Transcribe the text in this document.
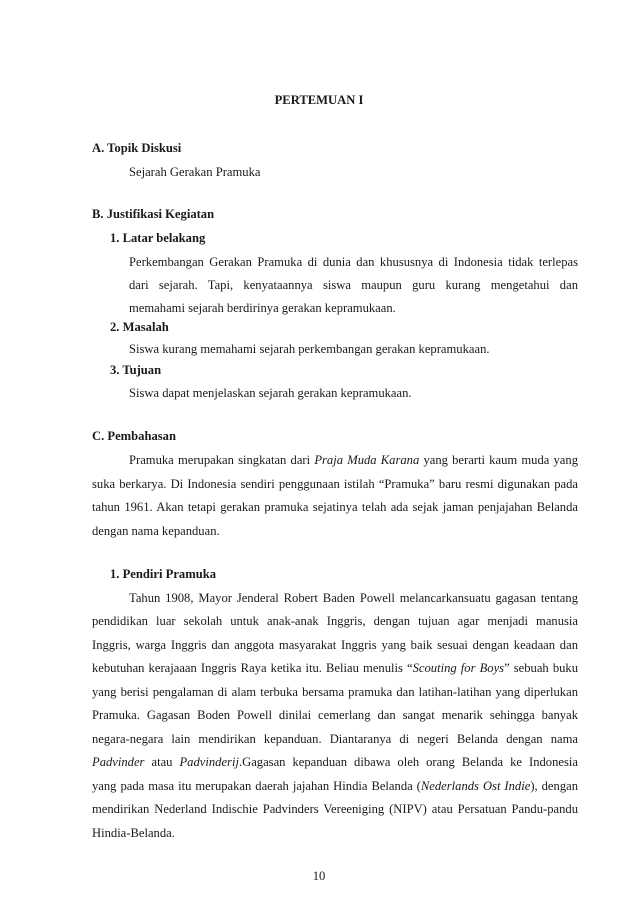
PERTEMUAN I
A. Topik Diskusi
Sejarah Gerakan Pramuka
B. Justifikasi Kegiatan
1. Latar belakang
Perkembangan Gerakan Pramuka di dunia dan khususnya di Indonesia tidak terlepas
dari sejarah. Tapi, kenyataannya siswa maupun guru kurang mengetahui dan
memahami sejarah berdirinya gerakan kepramukaan.
2. Masalah
Siswa kurang memahami sejarah perkembangan gerakan kepramukaan.
3. Tujuan
Siswa dapat menjelaskan sejarah gerakan kepramukaan.
C. Pembahasan
Pramuka merupakan singkatan dari Praja Muda Karana yang berarti kaum muda yang
suka berkarya. Di Indonesia sendiri penggunaan istilah “Pramuka” baru resmi digunakan pada
tahun 1961. Akan tetapi gerakan pramuka sejatinya telah ada sejak jaman penjajahan Belanda
dengan nama kepanduan.
1. Pendiri Pramuka
Tahun 1908, Mayor Jenderal Robert Baden Powell melancarkansuatu gagasan tentang
pendidikan luar sekolah untuk anak-anak Inggris, dengan tujuan agar menjadi manusia
Inggris, warga Inggris dan anggota masyarakat Inggris yang baik sesuai dengan keadaan dan
kebutuhan kerajaaan Inggris Raya ketika itu. Beliau menulis “Scouting for Boys” sebuah buku
yang berisi pengalaman di alam terbuka bersama pramuka dan latihan-latihan yang diperlukan
Pramuka. Gagasan Boden Powell dinilai cemerlang dan sangat menarik sehingga banyak
negara-negara lain mendirikan kepanduan. Diantaranya di negeri Belanda dengan nama
Padvinder atau Padvinderij.Gagasan kepanduan dibawa oleh orang Belanda ke Indonesia
yang pada masa itu merupakan daerah jajahan Hindia Belanda (Nederlands Ost Indie), dengan
mendirikan Nederland Indischie Padvinders Vereeniging (NIPV) atau Persatuan Pandu-pandu
Hindia-Belanda.
10
